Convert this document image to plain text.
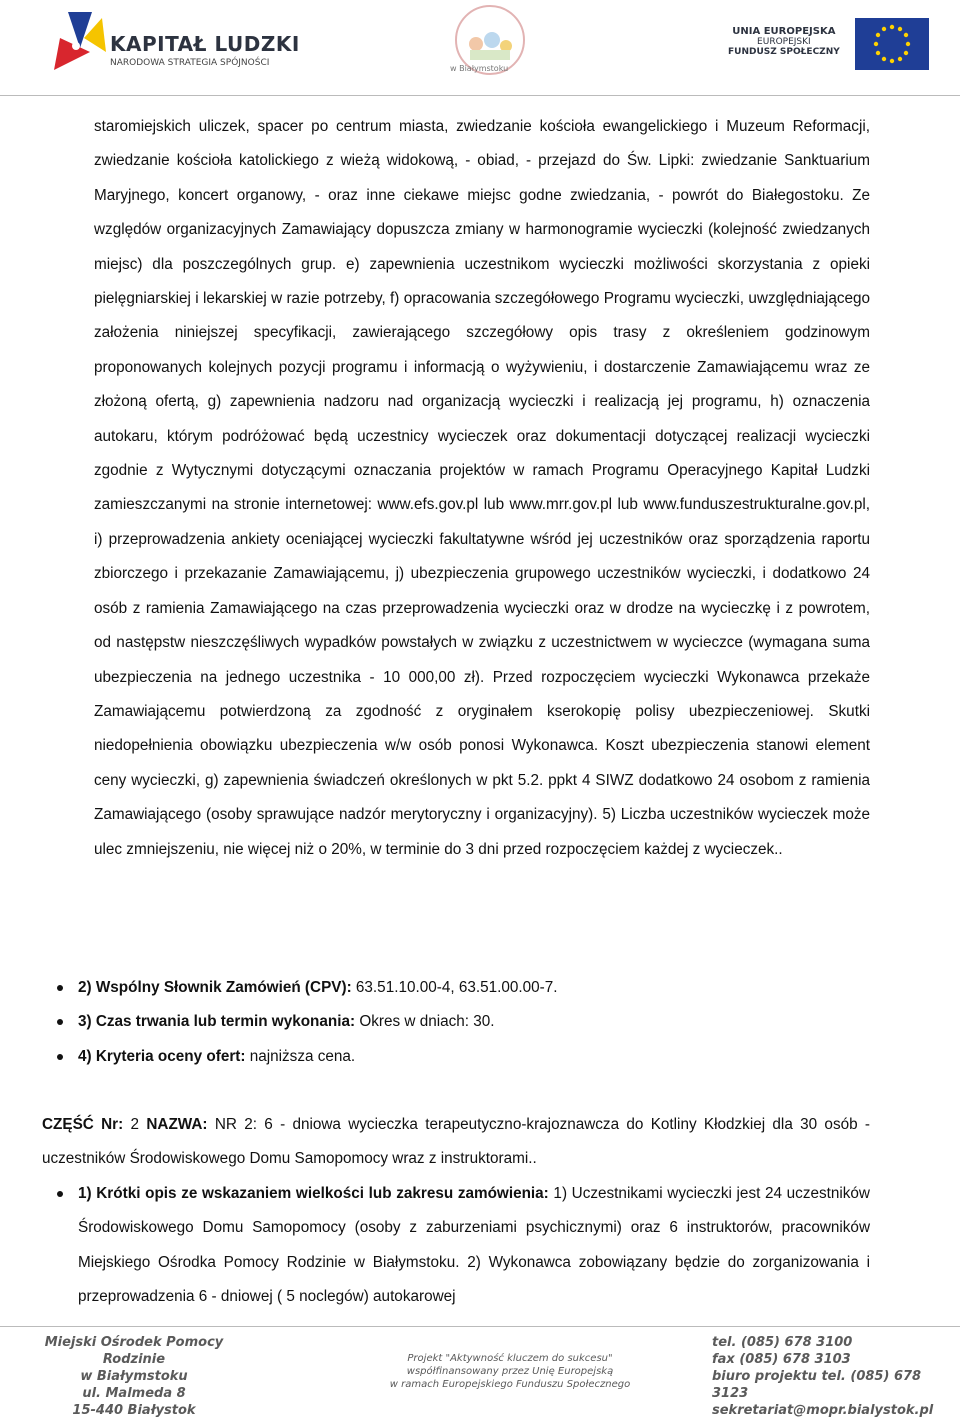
KAPITAŁ LUDZKI
NARODOWA STRATEGIA SPÓJNOŚCI
w Białymstoku
UNIA EUROPEJSKA
EUROPEJSKI
FUNDUSZ SPOŁECZNY
staromiejskich uliczek, spacer po centrum miasta, zwiedzanie kościoła ewangelickiego i Muzeum Reformacji, zwiedzanie kościoła katolickiego z wieżą widokową, - obiad, - przejazd do Św. Lipki: zwiedzanie Sanktuarium Maryjnego, koncert organowy, - oraz inne ciekawe miejsc godne zwiedzania, - powrót do Białegostoku. Ze względów organizacyjnych Zamawiający dopuszcza zmiany w harmonogramie wycieczki (kolejność zwiedzanych miejsc) dla poszczególnych grup. e) zapewnienia uczestnikom wycieczki możliwości skorzystania z opieki pielęgniarskiej i lekarskiej w razie potrzeby, f) opracowania szczegółowego Programu wycieczki, uwzględniającego założenia niniejszej specyfikacji, zawierającego szczegółowy opis trasy z określeniem godzinowym proponowanych kolejnych pozycji programu i informacją o wyżywieniu, i dostarczenie Zamawiającemu wraz ze złożoną ofertą, g) zapewnienia nadzoru nad organizacją wycieczki i realizacją jej programu, h) oznaczenia autokaru, którym podróżować będą uczestnicy wycieczek oraz dokumentacji dotyczącej realizacji wycieczki zgodnie z Wytycznymi dotyczącymi oznaczania projektów w ramach Programu Operacyjnego Kapitał Ludzki zamieszczanymi na stronie internetowej: www.efs.gov.pl lub www.mrr.gov.pl lub www.funduszestrukturalne.gov.pl, i) przeprowadzenia ankiety oceniającej wycieczki fakultatywne wśród jej uczestników oraz sporządzenia raportu zbiorczego i przekazanie Zamawiającemu, j) ubezpieczenia grupowego uczestników wycieczki, i dodatkowo 24 osób z ramienia Zamawiającego na czas przeprowadzenia wycieczki oraz w drodze na wycieczkę i z powrotem, od następstw nieszczęśliwych wypadków powstałych w związku z uczestnictwem w wycieczce (wymagana suma ubezpieczenia na jednego uczestnika - 10 000,00 zł). Przed rozpoczęciem wycieczki Wykonawca przekaże Zamawiającemu potwierdzoną za zgodność z oryginałem kserokopię polisy ubezpieczeniowej. Skutki niedopełnienia obowiązku ubezpieczenia w/w osób ponosi Wykonawca. Koszt ubezpieczenia stanowi element ceny wycieczki, g) zapewnienia świadczeń określonych w pkt 5.2. ppkt 4 SIWZ dodatkowo 24 osobom z ramienia Zamawiającego (osoby sprawujące nadzór merytoryczny i organizacyjny). 5) Liczba uczestników wycieczek może ulec zmniejszeniu, nie więcej niż o 20%, w terminie do 3 dni przed rozpoczęciem każdej z wycieczek..
2) Wspólny Słownik Zamówień (CPV): 63.51.10.00-4, 63.51.00.00-7.
3) Czas trwania lub termin wykonania: Okres w dniach: 30.
4) Kryteria oceny ofert: najniższa cena.
CZĘŚĆ Nr: 2 NAZWA: NR 2: 6 - dniowa wycieczka terapeutyczno-krajoznawcza do Kotliny Kłodzkiej dla 30 osób - uczestników Środowiskowego Domu Samopomocy wraz z instruktorami..
1) Krótki opis ze wskazaniem wielkości lub zakresu zamówienia: 1) Uczestnikami wycieczki jest 24 uczestników Środowiskowego Domu Samopomocy (osoby z zaburzeniami psychicznymi) oraz 6 instruktorów, pracowników Miejskiego Ośrodka Pomocy Rodzinie w Białymstoku. 2) Wykonawca zobowiązany będzie do zorganizowania i przeprowadzenia 6 - dniowej ( 5 noclegów) autokarowej
Miejski Ośrodek Pomocy Rodzinie
w Białymstoku
ul. Malmeda 8
15-440 Białystok
Projekt "Aktywność kluczem do sukcesu"
współfinansowany przez Unię Europejską
w ramach Europejskiego Funduszu Społecznego
tel. (085) 678 3100
fax (085) 678 3103
biuro projektu tel. (085) 678 3123
sekretariat@mopr.bialystok.pl
